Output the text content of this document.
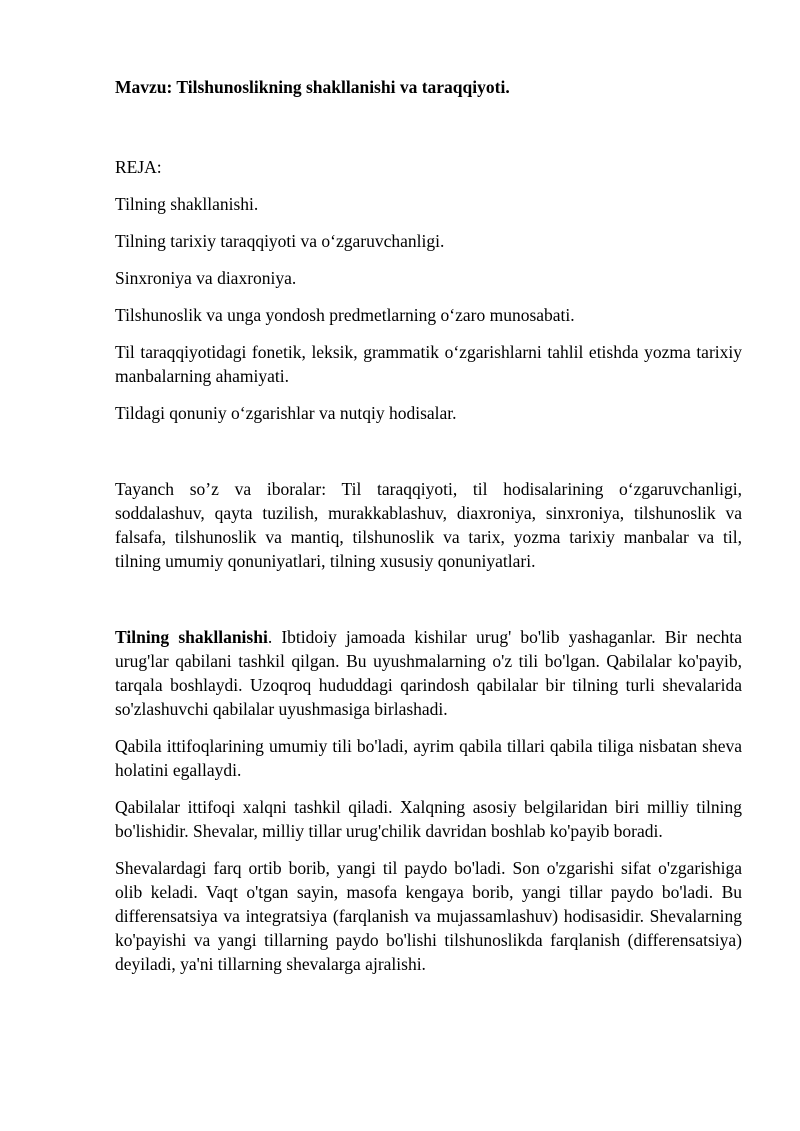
Mavzu: Tilshunoslikning shakllanishi va taraqqiyoti.

REJA:

Tilning shakllanishi.
Tilning tarixiy taraqqiyoti va o‘zgaruvchanligi.
Sinxroniya va diaxroniya.
Tilshunoslik va unga yondosh predmetlarning o‘zaro munosabati.
Til taraqqiyotidagi fonetik, leksik, grammatik o‘zgarishlarni tahlil etishda yozma tarixiy manbalarning ahamiyati.
Tildagi qonuniy o‘zgarishlar va nutqiy hodisalar.

Tayanch so’z va iboralar: Til taraqqiyoti, til hodisalarining o‘zgaruvchanligi, soddalashuv, qayta tuzilish, murakkablashuv, diaxroniya, sinxroniya, tilshunoslik va falsafa, tilshunoslik va mantiq, tilshunoslik va tarix, yozma tarixiy manbalar va til, tilning umumiy qonuniyatlari, tilning xususiy qonuniyatlari.

Tilning shakllanishi. Ibtidoiy jamoada kishilar urug' bo'lib yashaganlar. Bir nechta urug'lar qabilani tashkil qilgan. Bu uyushmalarning o'z tili bo'lgan. Qabilalar ko'payib, tarqala boshlaydi. Uzoqroq hududdagi qarindosh qabilalar bir tilning turli shevalarida so'zlashuvchi qabilalar uyushmasiga birlashadi.

Qabila ittifoqlarining umumiy tili bo'ladi, ayrim qabila tillari qabila tiliga nisbatan sheva holatini egallaydi.

Qabilalar ittifoqi xalqni tashkil qiladi. Xalqning asosiy belgilaridan biri milliy tilning bo'lishidir. Shevalar, milliy tillar urug'chilik davridan boshlab ko'payib boradi.

Shevalardagi farq ortib borib, yangi til paydo bo'ladi. Son o'zgarishi sifat o'zgarishiga olib keladi. Vaqt o'tgan sayin, masofa kengaya borib, yangi tillar paydo bo'ladi. Bu differensatsiya va integratsiya (farqlanish va mujassamlashuv) hodisasidir. Shevalarning ko'payishi va yangi tillarning paydo bo'lishi tilshunoslikda farqlanish (differensatsiya) deyiladi, ya'ni tillarning shevalarga ajralishi.
